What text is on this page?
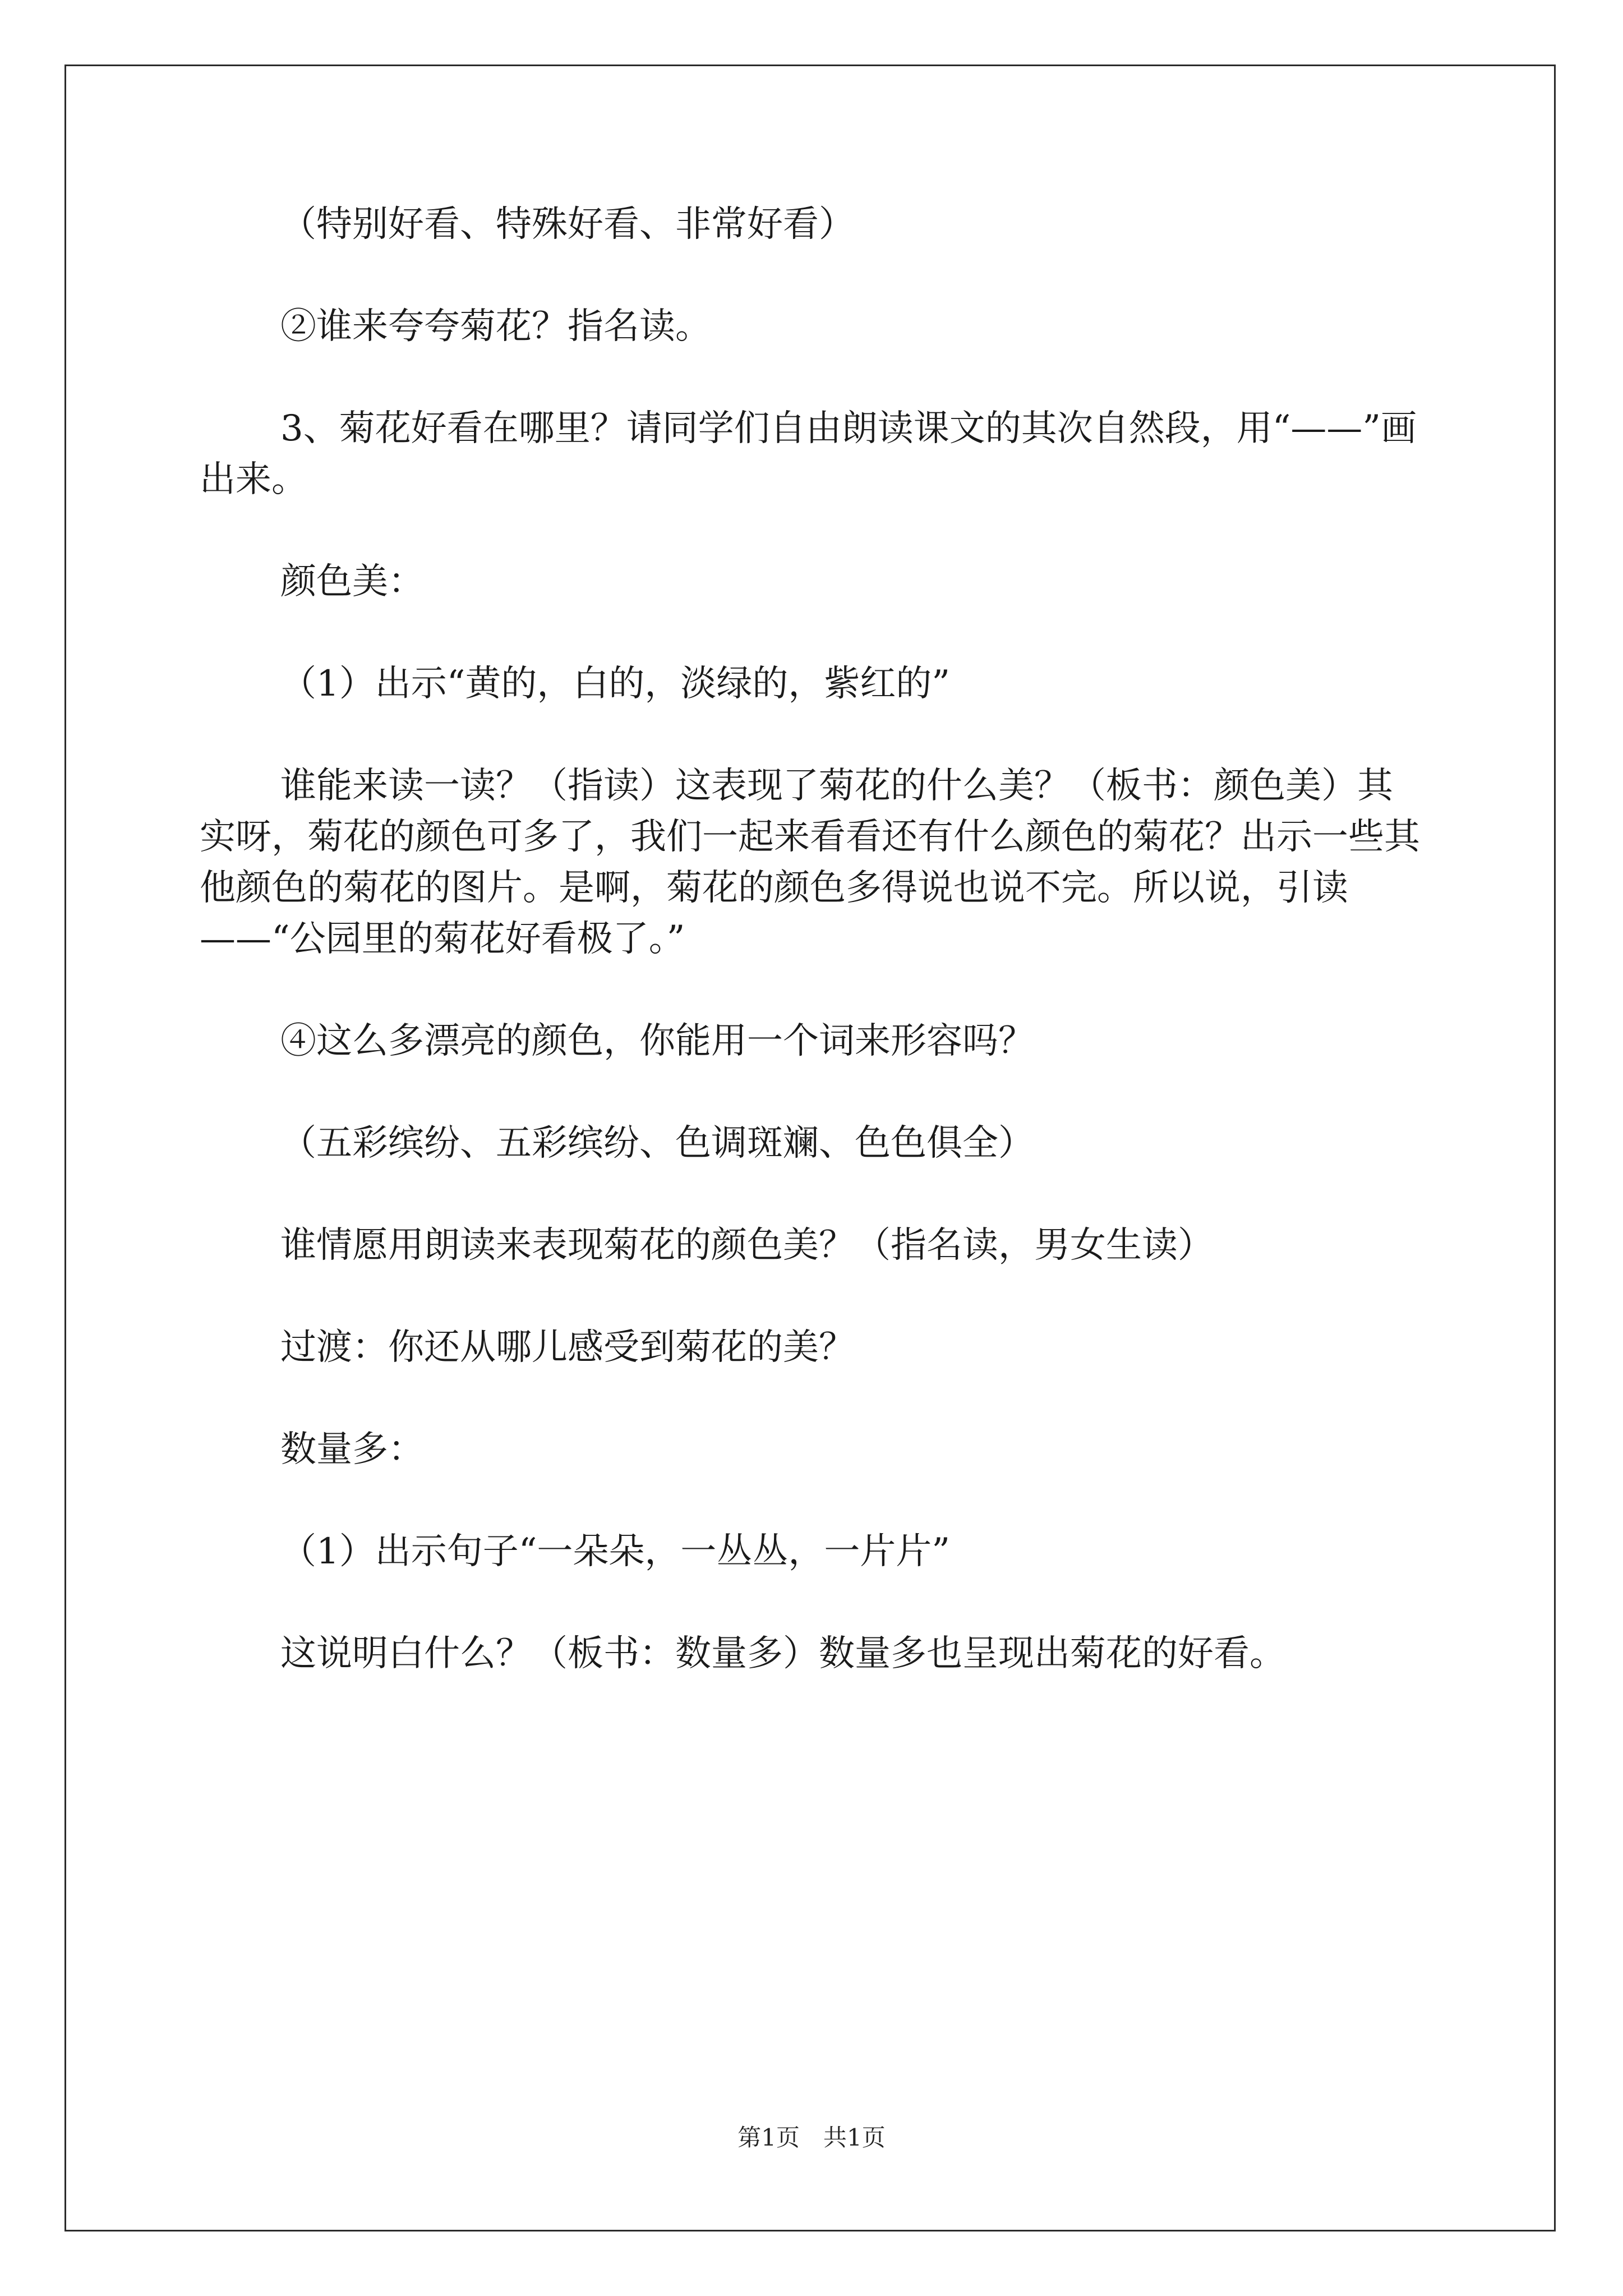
（特别好看、特殊好看、非常好看）

②谁来夸夸菊花？指名读。

3、菊花好看在哪里？请同学们自由朗读课文的其次自然段，用“——”画出来。

颜色美：

（1）出示“黄的，白的，淡绿的，紫红的”

谁能来读一读？（指读）这表现了菊花的什么美？（板书：颜色美）其实呀，菊花的颜色可多了，我们一起来看看还有什么颜色的菊花？出示一些其他颜色的菊花的图片。是啊，菊花的颜色多得说也说不完。所以说，引读——“公园里的菊花好看极了。”

④这么多漂亮的颜色，你能用一个词来形容吗？

（五彩缤纷、五彩缤纷、色调斑斓、色色俱全）

谁情愿用朗读来表现菊花的颜色美？（指名读，男女生读）

过渡：你还从哪儿感受到菊花的美？

数量多：

（1）出示句子“一朵朵，一丛丛，一片片”

这说明白什么？（板书：数量多）数量多也呈现出菊花的好看。

第1页　共1页
